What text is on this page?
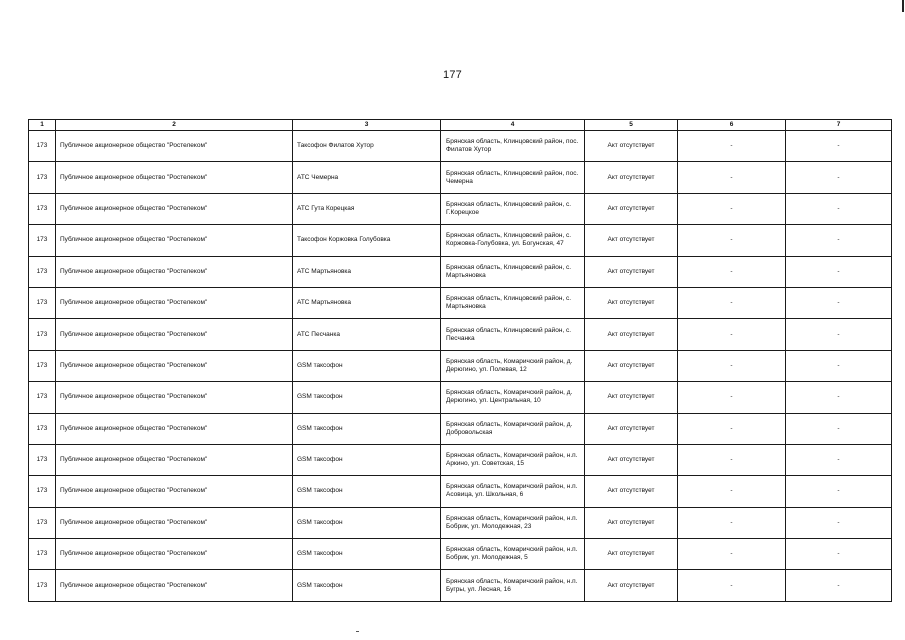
177
1	2	3	4	5	6	7
173	Публичное акционерное общество "Ростелеком"	Таксофон Филатов Хутор	Брянская область, Клинцовский район, пос. Филатов Хутор	Акт отсутствует	-	-
173	Публичное акционерное общество "Ростелеком"	АТС Чемерна	Брянская область, Клинцовский район, пос. Чемерна	Акт отсутствует	-	-
173	Публичное акционерное общество "Ростелеком"	АТС Гута Корецкая	Брянская область, Клинцовский район, с. Г.Корецкое	Акт отсутствует	-	-
173	Публичное акционерное общество "Ростелеком"	Таксофон Коржовка Голубовка	Брянская область, Клинцовский район, с. Коржовка-Голубовка, ул. Богунская, 47	Акт отсутствует	-	-
173	Публичное акционерное общество "Ростелеком"	АТС Мартьяновка	Брянская область, Клинцовский район, с. Мартьяновка	Акт отсутствует	-	-
173	Публичное акционерное общество "Ростелеком"	АТС Мартьяновка	Брянская область, Клинцовский район, с. Мартьяновка	Акт отсутствует	-	-
173	Публичное акционерное общество "Ростелеком"	АТС Песчанка	Брянская область, Клинцовский район, с. Песчанка	Акт отсутствует	-	-
173	Публичное акционерное общество "Ростелеком"	GSM таксофон	Брянская область, Комаричский район, д. Дерюгино, ул. Полевая, 12	Акт отсутствует	-	-
173	Публичное акционерное общество "Ростелеком"	GSM таксофон	Брянская область, Комаричский район, д. Дерюгино, ул. Центральная, 10	Акт отсутствует	-	-
173	Публичное акционерное общество "Ростелеком"	GSM таксофон	Брянская область, Комаричский район, д. Добровольская	Акт отсутствует	-	-
173	Публичное акционерное общество "Ростелеком"	GSM таксофон	Брянская область, Комаричский район, н.п. Аркино, ул. Советская, 15	Акт отсутствует	-	-
173	Публичное акционерное общество "Ростелеком"	GSM таксофон	Брянская область, Комаричский район, н.п. Асовица, ул. Школьная, 6	Акт отсутствует	-	-
173	Публичное акционерное общество "Ростелеком"	GSM таксофон	Брянская область, Комаричский район, н.п. Бобрик, ул. Молодежная, 23	Акт отсутствует	-	-
173	Публичное акционерное общество "Ростелеком"	GSM таксофон	Брянская область, Комаричский район, н.п. Бобрик, ул. Молодежная, 5	Акт отсутствует	-	-
173	Публичное акционерное общество "Ростелеком"	GSM таксофон	Брянская область, Комаричский район, н.п. Бугры, ул. Лесная, 16	Акт отсутствует	-	-
